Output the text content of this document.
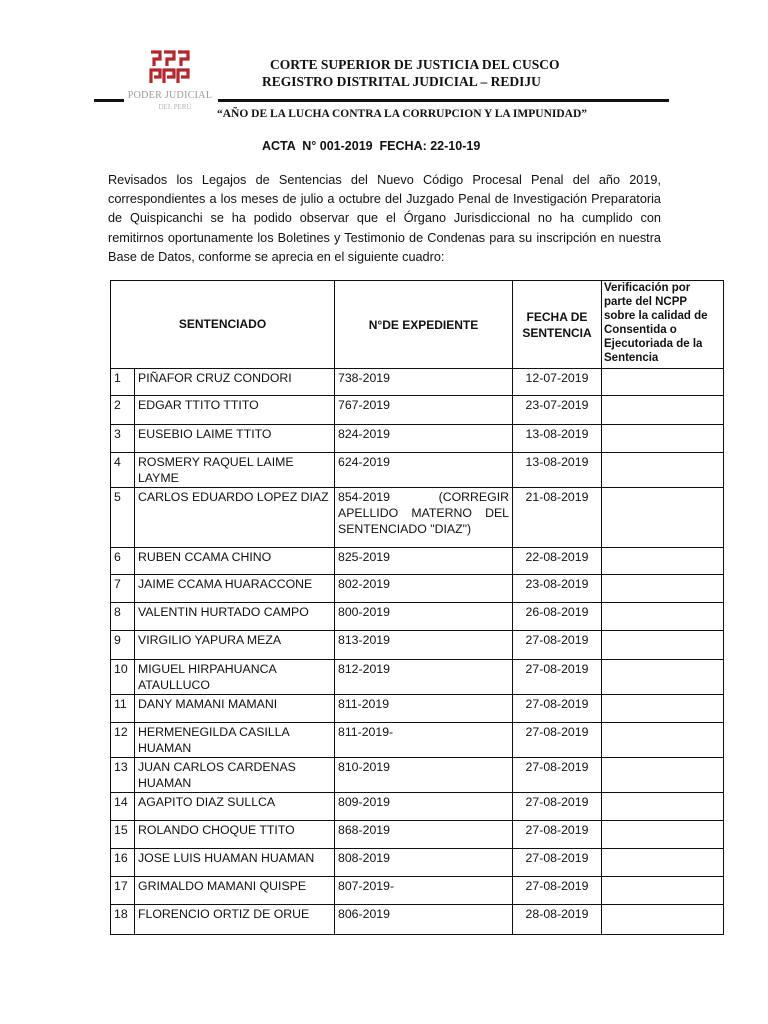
PODER JUDICIAL
DEL PERÚ
CORTE SUPERIOR DE JUSTICIA DEL CUSCO
REGISTRO DISTRITAL JUDICIAL – REDIJU
“AÑO DE LA LUCHA CONTRA LA CORRUPCION Y LA IMPUNIDAD”
ACTA  N° 001-2019  FECHA: 22-10-19

Revisados los Legajos de Sentencias del Nuevo Código Procesal Penal del año 2019, correspondientes a los meses de julio a octubre del Juzgado Penal de Investigación Preparatoria de Quispicanchi se ha podido observar que el Órgano Jurisdiccional no ha cumplido con remitirnos oportunamente los Boletines y Testimonio de Condenas para su inscripción en nuestra Base de Datos, conforme se aprecia en el siguiente cuadro:

SENTENCIADO		N°DE EXPEDIENTE	FECHA DE SENTENCIA	Verificación por parte del NCPP sobre la calidad de Consentida o Ejecutoriada de la Sentencia
1	PIÑAFOR CRUZ CONDORI	738-2019	12-07-2019	
2	EDGAR TTITO TTITO	767-2019	23-07-2019	
3	EUSEBIO LAIME TTITO	824-2019	13-08-2019	
4	ROSMERY RAQUEL LAIME LAYME	624-2019	13-08-2019	
5	CARLOS EDUARDO LOPEZ DIAZ	854-2019 (CORREGIR APELLIDO MATERNO DEL SENTENCIADO "DIAZ")	21-08-2019	
6	RUBEN CCAMA CHINO	825-2019	22-08-2019	
7	JAIME CCAMA HUARACCONE	802-2019	23-08-2019	
8	VALENTIN HURTADO CAMPO	800-2019	26-08-2019	
9	VIRGILIO YAPURA MEZA	813-2019	27-08-2019	
10	MIGUEL HIRPAHUANCA ATAULLUCO	812-2019	27-08-2019	
11	DANY MAMANI MAMANI	811-2019	27-08-2019	
12	HERMENEGILDA CASILLA HUAMAN	811-2019-	27-08-2019	
13	JUAN CARLOS CARDENAS HUAMAN	810-2019	27-08-2019	
14	AGAPITO DIAZ SULLCA	809-2019	27-08-2019	
15	ROLANDO CHOQUE TTITO	868-2019	27-08-2019	
16	JOSE LUIS HUAMAN HUAMAN	808-2019	27-08-2019	
17	GRIMALDO MAMANI QUISPE	807-2019-	27-08-2019	
18	FLORENCIO ORTIZ DE ORUE	806-2019	28-08-2019	
